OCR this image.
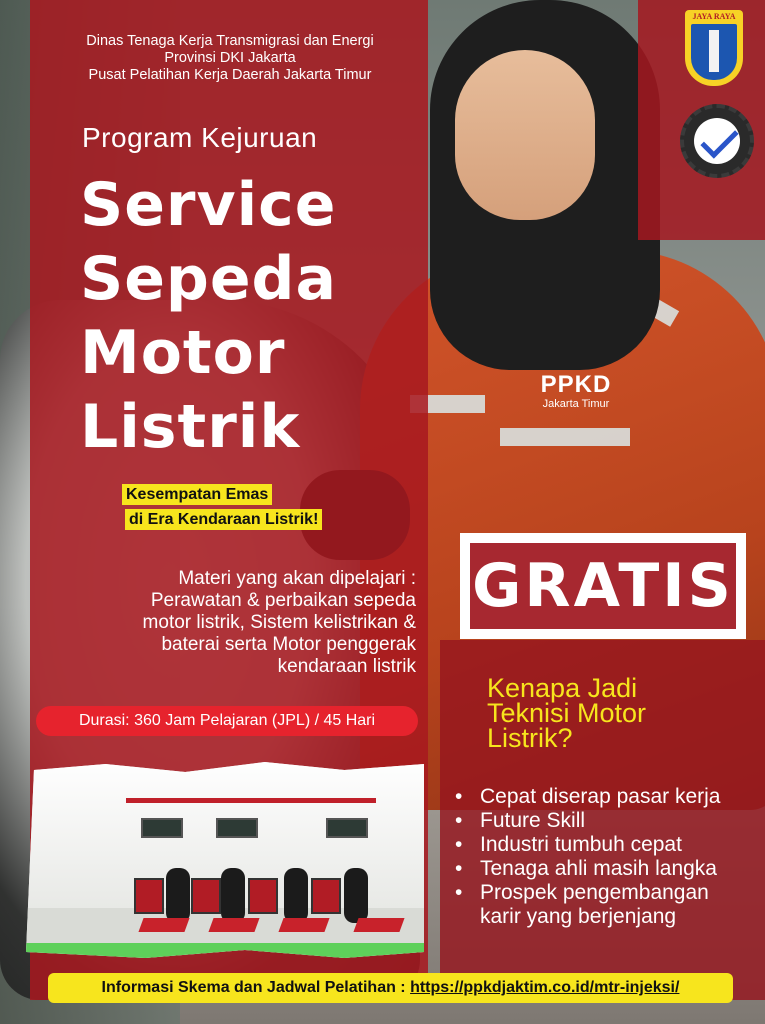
PPKD
Jakarta Timur
Dinas Tenaga Kerja Transmigrasi dan Energi
Provinsi DKI Jakarta
Pusat Pelatihan Kerja Daerah Jakarta Timur
Program Kejuruan
Service
Sepeda
Motor
Listrik
Kesempatan Emas
di Era Kendaraan Listrik!
Materi yang akan dipelajari :
Perawatan & perbaikan sepeda
motor listrik, Sistem kelistrikan &
baterai serta Motor penggerak
kendaraan listrik
Durasi: 360 Jam Pelajaran (JPL) / 45 Hari
JAYA RAYA
GRATIS
Kenapa Jadi
Teknisi Motor
Listrik?
• Cepat diserap pasar kerja
• Future Skill
• Industri tumbuh cepat
• Tenaga ahli masih langka
• Prospek pengembangan karir yang berjenjang
Informasi Skema dan Jadwal Pelatihan : https://ppkdjaktim.co.id/mtr-injeksi/
